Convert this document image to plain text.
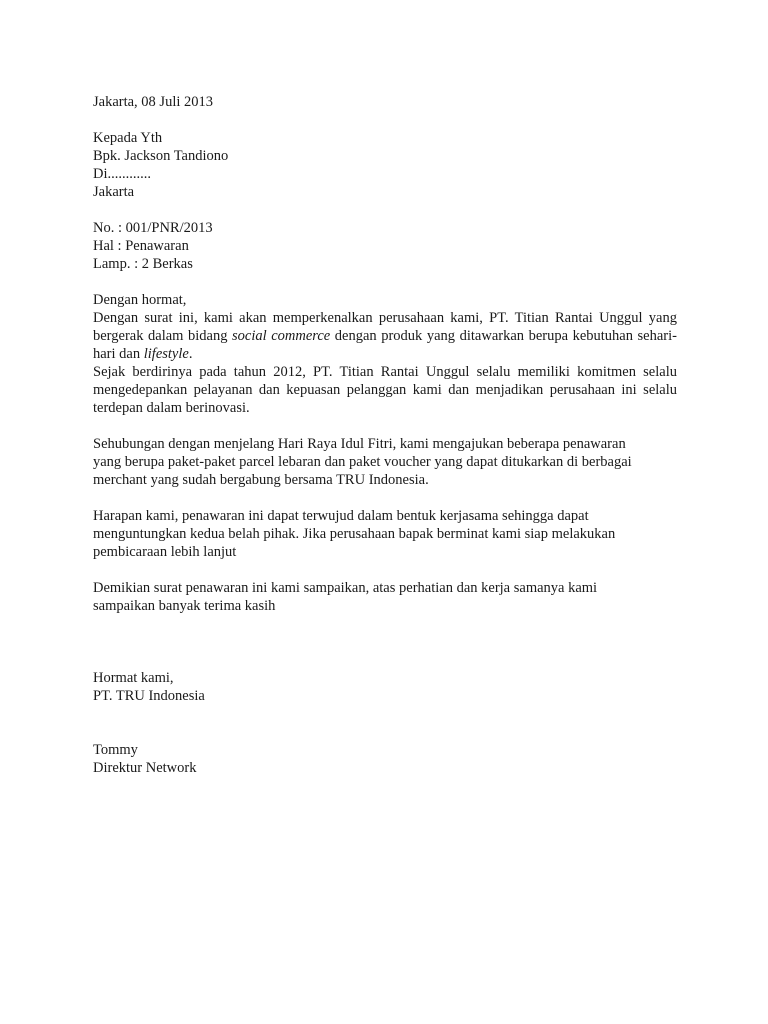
Jakarta, 08 Juli 2013
Kepada Yth
Bpk. Jackson Tandiono
Di............
Jakarta
No. : 001/PNR/2013
Hal : Penawaran
Lamp. : 2 Berkas
Dengan hormat,

Dengan surat ini, kami akan memperkenalkan perusahaan kami, PT. Titian Rantai Unggul yang bergerak dalam bidang social commerce dengan produk yang ditawarkan berupa kebutuhan sehari-hari dan lifestyle.

Sejak berdirinya pada tahun 2012, PT. Titian Rantai Unggul selalu memiliki komitmen selalu mengedepankan pelayanan dan kepuasan pelanggan kami dan menjadikan perusahaan ini selalu terdepan dalam berinovasi.

Sehubungan dengan menjelang Hari Raya Idul Fitri, kami mengajukan beberapa penawaran
yang berupa paket-paket parcel lebaran dan paket voucher yang dapat ditukarkan di berbagai
merchant yang sudah bergabung bersama TRU Indonesia.
Harapan kami, penawaran ini dapat terwujud dalam bentuk kerjasama sehingga dapat
menguntungkan kedua belah pihak. Jika perusahaan bapak berminat kami siap melakukan
pembicaraan lebih lanjut
Demikian surat penawaran ini kami sampaikan, atas perhatian dan kerja samanya kami
sampaikan banyak terima kasih
Hormat kami,
PT. TRU Indonesia
Tommy
Direktur Network
